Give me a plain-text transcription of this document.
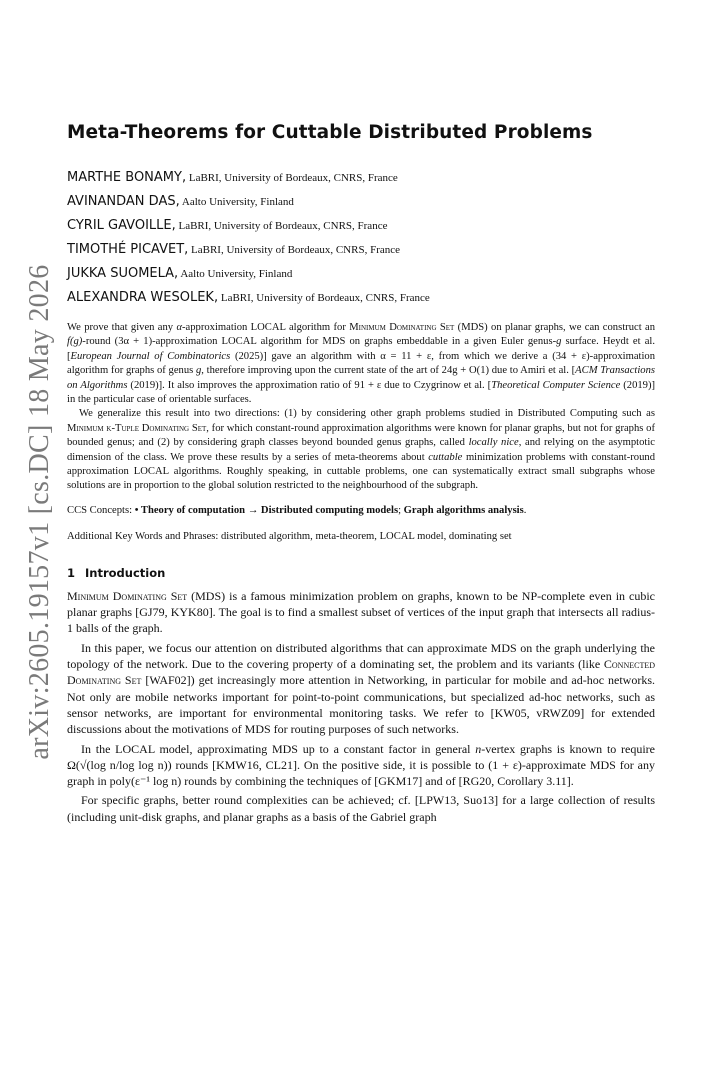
arXiv:2605.19157v1 [cs.DC] 18 May 2026
Meta-Theorems for Cuttable Distributed Problems
MARTHE BONAMY, LaBRI, University of Bordeaux, CNRS, France
AVINANDAN DAS, Aalto University, Finland
CYRIL GAVOILLE, LaBRI, University of Bordeaux, CNRS, France
TIMOTHÉ PICAVET, LaBRI, University of Bordeaux, CNRS, France
JUKKA SUOMELA, Aalto University, Finland
ALEXANDRA WESOLEK, LaBRI, University of Bordeaux, CNRS, France

We prove that given any α-approximation LOCAL algorithm for Minimum Dominating Set (MDS) on planar graphs, we can construct an f(g)-round (3α + 1)-approximation LOCAL algorithm for MDS on graphs embeddable in a given Euler genus-g surface. Heydt et al. [European Journal of Combinatorics (2025)] gave an algorithm with α = 11 + ε, from which we derive a (34 + ε)-approximation algorithm for graphs of genus g, therefore improving upon the current state of the art of 24g + O(1) due to Amiri et al. [ACM Transactions on Algorithms (2019)]. It also improves the approximation ratio of 91 + ε due to Czygrinow et al. [Theoretical Computer Science (2019)] in the particular case of orientable surfaces.

We generalize this result into two directions: (1) by considering other graph problems studied in Distributed Computing such as Minimum k-Tuple Dominating Set, for which constant-round approximation algorithms were known for planar graphs, but not for graphs of bounded genus; and (2) by considering graph classes beyond bounded genus graphs, called locally nice, and relying on the asymptotic dimension of the class. We prove these results by a series of meta-theorems about cuttable minimization problems with constant-round approximation LOCAL algorithms. Roughly speaking, in cuttable problems, one can systematically extract small subgraphs whose solutions are in proportion to the global solution restricted to the neighbourhood of the subgraph.

CCS Concepts: • Theory of computation → Distributed computing models; Graph algorithms analysis.

Additional Key Words and Phrases: distributed algorithm, meta-theorem, LOCAL model, dominating set

1 Introduction

Minimum Dominating Set (MDS) is a famous minimization problem on graphs, known to be NP-complete even in cubic planar graphs [GJ79, KYK80]. The goal is to find a smallest subset of vertices of the input graph that intersects all radius-1 balls of the graph.

In this paper, we focus our attention on distributed algorithms that can approximate MDS on the graph underlying the topology of the network. Due to the covering property of a dominating set, the problem and its variants (like Connected Dominating Set [WAF02]) get increasingly more attention in Networking, in particular for mobile and ad-hoc networks. Not only are mobile networks important for point-to-point communications, but specialized ad-hoc networks, such as sensor networks, are important for environmental monitoring tasks. We refer to [KW05, vRWZ09] for extended discussions about the motivations of MDS for routing purposes of such networks.

In the LOCAL model, approximating MDS up to a constant factor in general n-vertex graphs is known to require Ω(√(log n/log log n)) rounds [KMW16, CL21]. On the positive side, it is possible to (1 + ε)-approximate MDS for any graph in poly(ε⁻¹ log n) rounds by combining the techniques of [GKM17] and of [RG20, Corollary 3.11].

For specific graphs, better round complexities can be achieved; cf. [LPW13, Suo13] for a large collection of results (including unit-disk graphs, and planar graphs as a basis of the Gabriel graph
